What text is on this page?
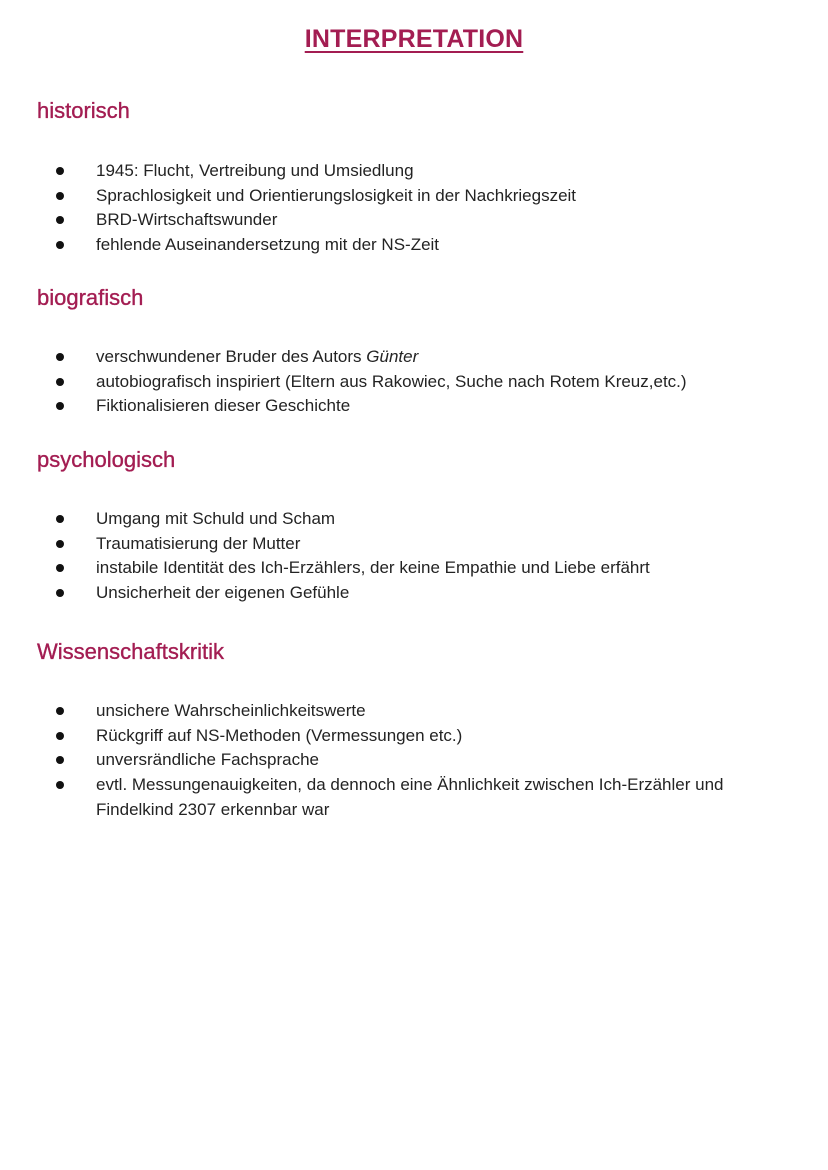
INTERPRETATION
historisch
1945: Flucht, Vertreibung und Umsiedlung
Sprachlosigkeit und Orientierungslosigkeit in der Nachkriegszeit
BRD-Wirtschaftswunder
fehlende Auseinandersetzung mit der NS-Zeit
biografisch
verschwundener Bruder des Autors Günter
autobiografisch inspiriert (Eltern aus Rakowiec, Suche nach Rotem Kreuz,etc.)
Fiktionalisieren dieser Geschichte
psychologisch
Umgang mit Schuld und Scham
Traumatisierung der Mutter
instabile Identität des Ich-Erzählers, der keine Empathie und Liebe erfährt
Unsicherheit der eigenen Gefühle
Wissenschaftskritik
unsichere Wahrscheinlichkeitswerte
Rückgriff auf NS-Methoden (Vermessungen etc.)
unversrändliche Fachsprache
evtl. Messungenauigkeiten, da dennoch eine Ähnlichkeit zwischen Ich-Erzähler und Findelkind 2307 erkennbar war
